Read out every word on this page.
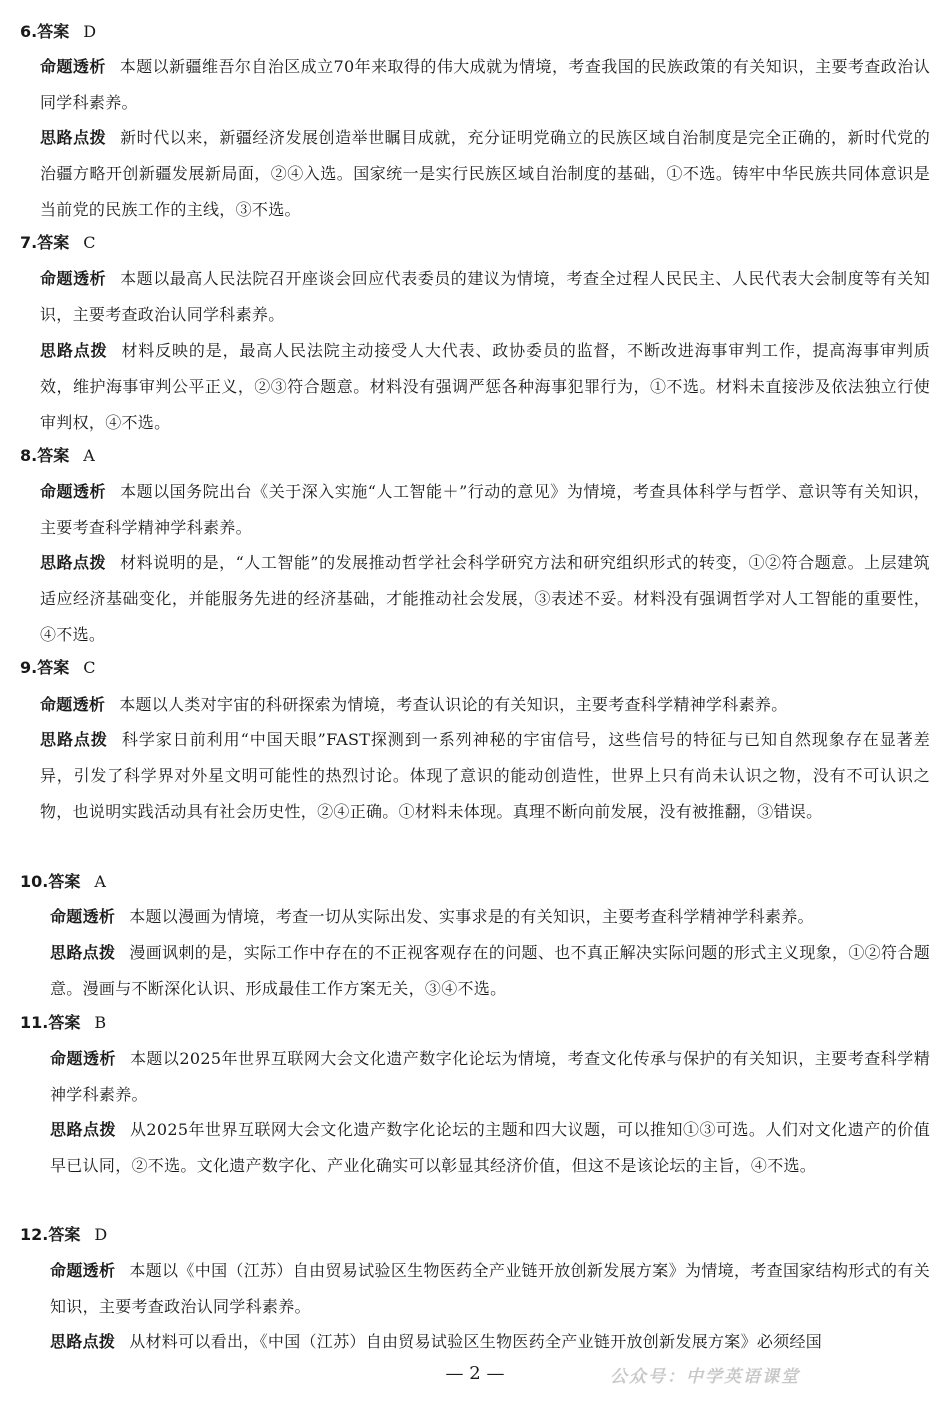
6.答案 D
命题透析 本题以新疆维吾尔自治区成立70年来取得的伟大成就为情境，考查我国的民族政策的有关知识，主要考查政治认同学科素养。
思路点拨 新时代以来，新疆经济发展创造举世瞩目成就，充分证明党确立的民族区域自治制度是完全正确的，新时代党的治疆方略开创新疆发展新局面，②④入选。国家统一是实行民族区域自治制度的基础，①不选。铸牢中华民族共同体意识是当前党的民族工作的主线，③不选。
7.答案 C
命题透析 本题以最高人民法院召开座谈会回应代表委员的建议为情境，考查全过程人民民主、人民代表大会制度等有关知识，主要考查政治认同学科素养。
思路点拨 材料反映的是，最高人民法院主动接受人大代表、政协委员的监督，不断改进海事审判工作，提高海事审判质效，维护海事审判公平正义，②③符合题意。材料没有强调严惩各种海事犯罪行为，①不选。材料未直接涉及依法独立行使审判权，④不选。
8.答案 A
命题透析 本题以国务院出台《关于深入实施“人工智能＋”行动的意见》为情境，考查具体科学与哲学、意识等有关知识，主要考查科学精神学科素养。
思路点拨 材料说明的是，“人工智能”的发展推动哲学社会科学研究方法和研究组织形式的转变，①②符合题意。上层建筑适应经济基础变化，并能服务先进的经济基础，才能推动社会发展，③表述不妥。材料没有强调哲学对人工智能的重要性，④不选。
9.答案 C
命题透析 本题以人类对宇宙的科研探索为情境，考查认识论的有关知识，主要考查科学精神学科素养。
思路点拨 科学家日前利用“中国天眼”FAST探测到一系列神秘的宇宙信号，这些信号的特征与已知自然现象存在显著差异，引发了科学界对外星文明可能性的热烈讨论。体现了意识的能动创造性，世界上只有尚未认识之物，没有不可认识之物，也说明实践活动具有社会历史性，②④正确。①材料未体现。真理不断向前发展，没有被推翻，③错误。
10.答案 A
命题透析 本题以漫画为情境，考查一切从实际出发、实事求是的有关知识，主要考查科学精神学科素养。
思路点拨 漫画讽刺的是，实际工作中存在的不正视客观存在的问题、也不真正解决实际问题的形式主义现象，①②符合题意。漫画与不断深化认识、形成最佳工作方案无关，③④不选。
11.答案 B
命题透析 本题以2025年世界互联网大会文化遗产数字化论坛为情境，考查文化传承与保护的有关知识，主要考查科学精神学科素养。
思路点拨 从2025年世界互联网大会文化遗产数字化论坛的主题和四大议题，可以推知①③可选。人们对文化遗产的价值早已认同，②不选。文化遗产数字化、产业化确实可以彰显其经济价值，但这不是该论坛的主旨，④不选。
12.答案 D
命题透析 本题以《中国（江苏）自由贸易试验区生物医药全产业链开放创新发展方案》为情境，考查国家结构形式的有关知识，主要考查政治认同学科素养。
思路点拨 从材料可以看出，《中国（江苏）自由贸易试验区生物医药全产业链开放创新发展方案》必须经国
— 2 —	公众号：中学英语课堂
